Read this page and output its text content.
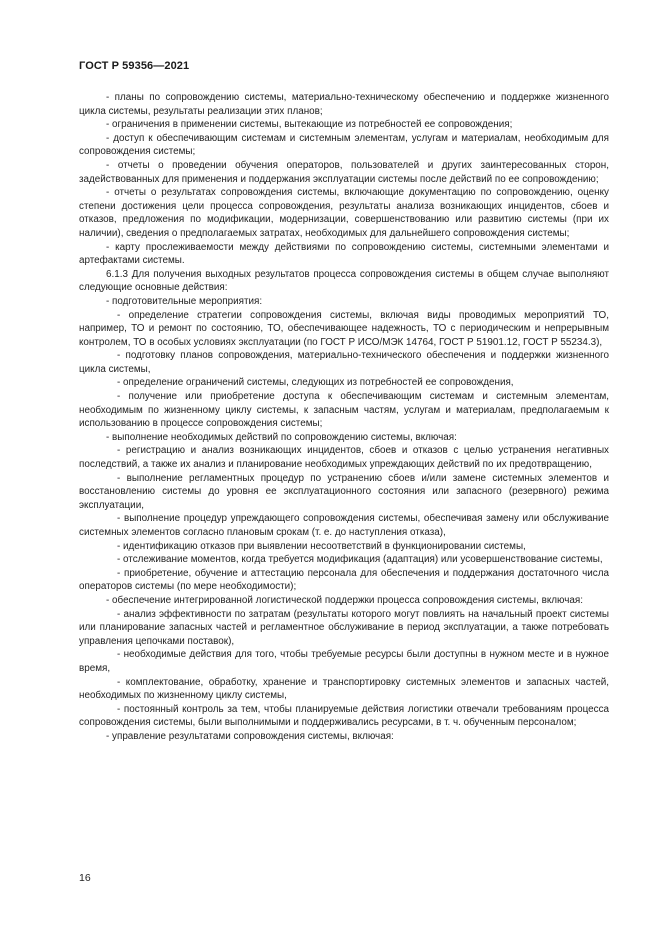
ГОСТ Р 59356—2021

- планы по сопровождению системы, материально-техническому обеспечению и поддержке жизненного цикла системы, результаты реализации этих планов;

- ограничения в применении системы, вытекающие из потребностей ее сопровождения;

- доступ к обеспечивающим системам и системным элементам, услугам и материалам, необходимым для сопровождения системы;

- отчеты о проведении обучения операторов, пользователей и других заинтересованных сторон, задействованных для применения и поддержания эксплуатации системы после действий по ее сопровождению;

- отчеты о результатах сопровождения системы, включающие документацию по сопровождению, оценку степени достижения цели процесса сопровождения, результаты анализа возникающих инцидентов, сбоев и отказов, предложения по модификации, модернизации, совершенствованию или развитию системы (при их наличии), сведения о предполагаемых затратах, необходимых для дальнейшего сопровождения системы;

- карту прослеживаемости между действиями по сопровождению системы, системными элементами и артефактами системы.

6.1.3 Для получения выходных результатов процесса сопровождения системы в общем случае выполняют следующие основные действия:

- подготовительные мероприятия:

- определение стратегии сопровождения системы, включая виды проводимых мероприятий ТО, например, ТО и ремонт по состоянию, ТО, обеспечивающее надежность, ТО с периодическим и непрерывным контролем, ТО в особых условиях эксплуатации (по ГОСТ Р ИСО/МЭК 14764, ГОСТ Р 51901.12, ГОСТ Р 55234.3),

- подготовку планов сопровождения, материально-технического обеспечения и поддержки жизненного цикла системы,

- определение ограничений системы, следующих из потребностей ее сопровождения,

- получение или приобретение доступа к обеспечивающим системам и системным элементам, необходимым по жизненному циклу системы, к запасным частям, услугам и материалам, предполагаемым к использованию в процессе сопровождения системы;

- выполнение необходимых действий по сопровождению системы, включая:

- регистрацию и анализ возникающих инцидентов, сбоев и отказов с целью устранения негативных последствий, а также их анализ и планирование необходимых упреждающих действий по их предотвращению,

- выполнение регламентных процедур по устранению сбоев и/или замене системных элементов и восстановлению системы до уровня ее эксплуатационного состояния или запасного (резервного) режима эксплуатации,

- выполнение процедур упреждающего сопровождения системы, обеспечивая замену или обслуживание системных элементов согласно плановым срокам (т. е. до наступления отказа),

- идентификацию отказов при выявлении несоответствий в функционировании системы,

- отслеживание моментов, когда требуется модификация (адаптация) или усовершенствование системы,

- приобретение, обучение и аттестацию персонала для обеспечения и поддержания достаточного числа операторов системы (по мере необходимости);

- обеспечение интегрированной логистической поддержки процесса сопровождения системы, включая:

- анализ эффективности по затратам (результаты которого могут повлиять на начальный проект системы или планирование запасных частей и регламентное обслуживание в период эксплуатации, а также потребовать управления цепочками поставок),

- необходимые действия для того, чтобы требуемые ресурсы были доступны в нужном месте и в нужное время,

- комплектование, обработку, хранение и транспортировку системных элементов и запасных частей, необходимых по жизненному циклу системы,

- постоянный контроль за тем, чтобы планируемые действия логистики отвечали требованиям процесса сопровождения системы, были выполнимыми и поддерживались ресурсами, в т. ч. обученным персоналом;

- управление результатами сопровождения системы, включая:

16
